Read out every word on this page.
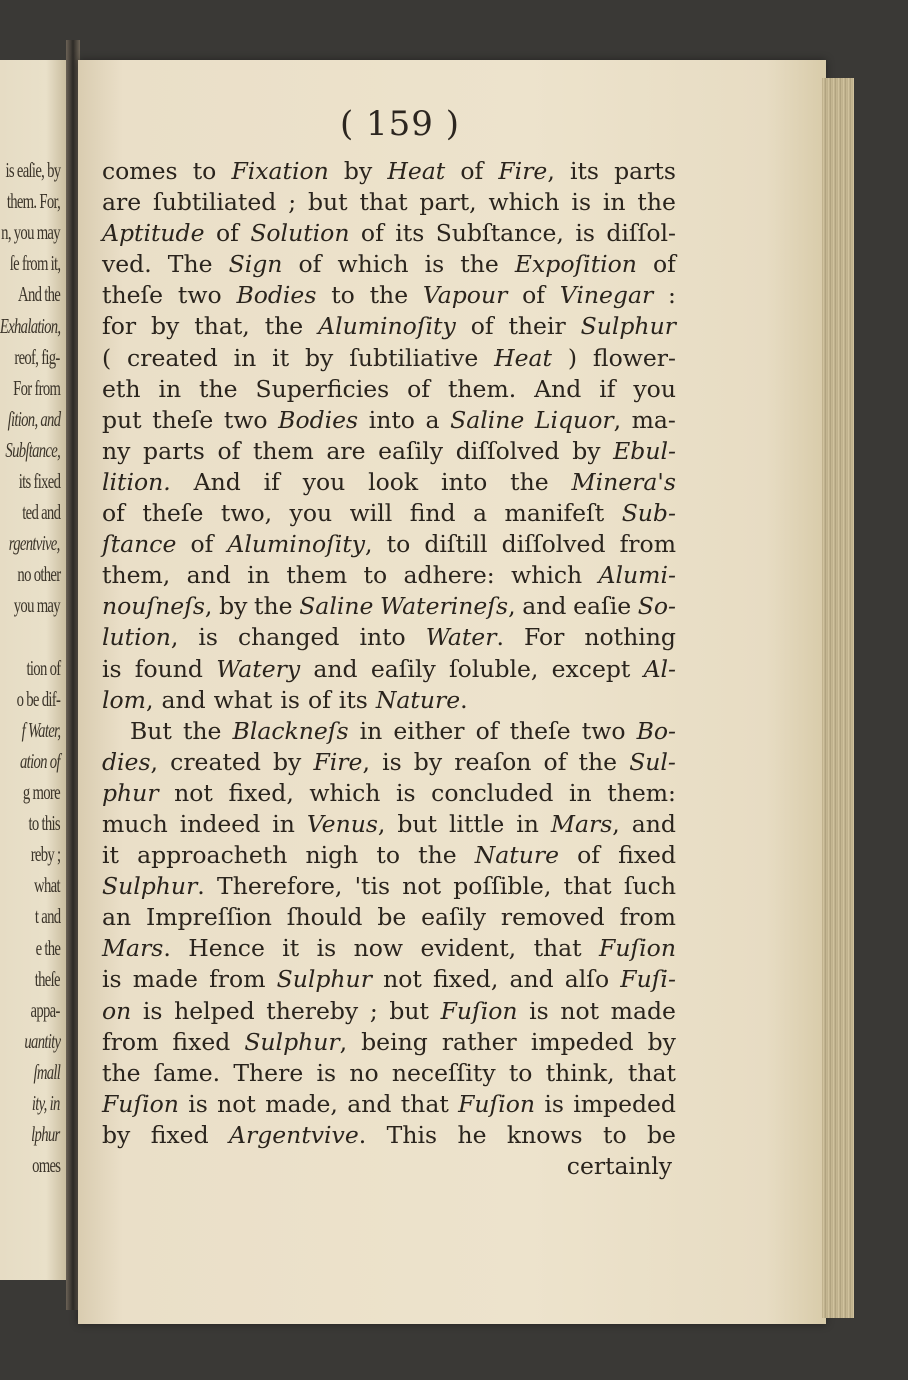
is eaſie, by
them. For,
n, you may
ſe from it,
And the
Exhalation,
reof, fig-
For from
ſition, and
Subſtance,
its fixed
ted and
rgentvive,
no other
you may
tion of
o be dif-
f Water,
ation of
g more
to this
reby ;
what
t and
e the
theſe
appa-
uantity
ſmall
ity, in
lphur
omes
( 159 )
comes to Fixation by Heat of Fire, its parts
are ſubtiliated ; but that part, which is in the
Aptitude of Solution of its Subſtance, is diſſol-
ved. The Sign of which is the Expoſition of
theſe two Bodies to the Vapour of Vinegar :
for by that, the Aluminoſity of their Sulphur
( created in it by ſubtiliative Heat ) flower-
eth in the Superficies of them. And if you
put theſe two Bodies into a Saline Liquor, ma-
ny parts of them are eaſily diſſolved by Ebul-
lition. And if you look into the Minera's
of theſe two, you will find a manifeſt Sub-
ſtance of Aluminoſity, to diſtill diſſolved from
them, and in them to adhere: which Alumi-
nouſneſs, by the Saline Waterineſs, and eaſie So-
lution, is changed into Water. For nothing
is found Watery and eaſily ſoluble, except Al-
lom, and what is of its Nature.
But the Blackneſs in either of theſe two Bo-
dies, created by Fire, is by reaſon of the Sul-
phur not fixed, which is concluded in them:
much indeed in Venus, but little in Mars, and
it approacheth nigh to the Nature of fixed
Sulphur. Therefore, 'tis not poſſible, that ſuch
an Impreſſion ſhould be eaſily removed from
Mars. Hence it is now evident, that Fuſion
is made from Sulphur not fixed, and alſo Fuſi-
on is helped thereby ; but Fuſion is not made
from fixed Sulphur, being rather impeded by
the ſame. There is no neceſſity to think, that
Fuſion is not made, and that Fuſion is impeded
by fixed Argentvive. This he knows to be
certainly
